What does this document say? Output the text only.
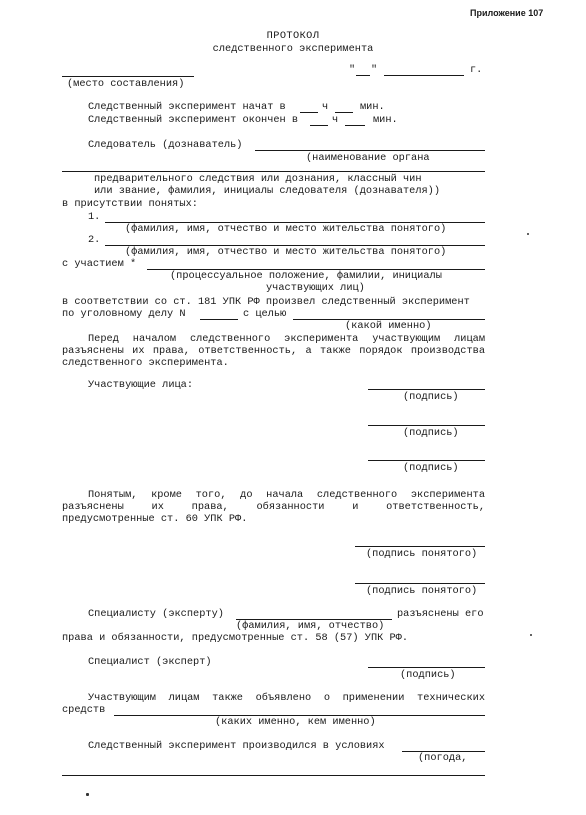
Приложение 107
ПРОТОКОЛ
следственного эксперимента
" "	г.
(место составления)
Следственный эксперимент начат в	ч	мин.
Следственный эксперимент окончен в	ч	мин.
Следователь (дознаватель)
(наименование органа
предварительного следствия или дознания, классный чин
или звание, фамилия, инициалы следователя (дознавателя))
в присутствии понятых:
1.
(фамилия, имя, отчество и место жительства понятого)
2.
(фамилия, имя, отчество и место жительства понятого)
с участием *
(процессуальное положение, фамилии, инициалы
участвующих лиц)
в соответствии со ст. 181 УПК РФ произвел следственный эксперимент
по уголовному делу N	с целью
(какой именно)
Перед началом следственного эксперимента участвующим лицам
разъяснены их права, ответственность, а также порядок производства
следственного эксперимента.
Участвующие лица:
(подпись)
(подпись)
(подпись)
Понятым, кроме того, до начала следственного эксперимента
разъяснены их права, обязанности и ответственность,
предусмотренные ст. 60 УПК РФ.
(подпись понятого)
(подпись понятого)
Специалисту (эксперту)	разъяснены его
(фамилия, имя, отчество)
права и обязанности, предусмотренные ст. 58 (57) УПК РФ.
Специалист (эксперт)
(подпись)
Участвующим лицам также объявлено о применении технических
средств
(каких именно, кем именно)
Следственный эксперимент производился в условиях
(погода,
